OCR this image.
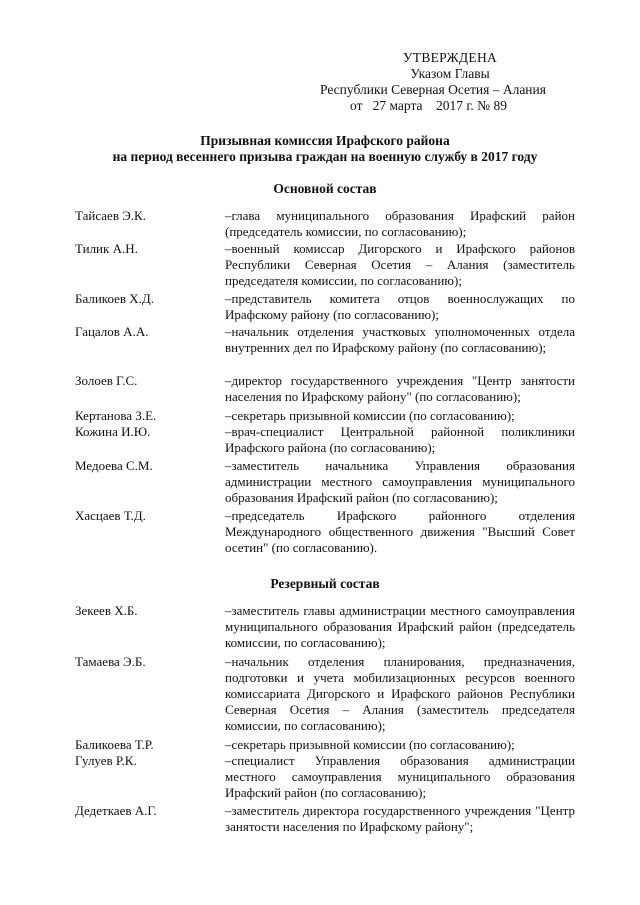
УТВЕРЖДЕНА
Указом Главы
Республики Северная Осетия – Алания
от   27 марта    2017 г. № 89
Призывная комиссия Ирафского района
на период весеннего призыва граждан на военную службу в 2017 году
Основной состав
Тайсаев Э.К.	–глава муниципального образования Ирафский район (председатель комиссии, по согласованию);
Тилик А.Н.	–военный комиссар Дигорского и Ирафского районов Республики Северная Осетия – Алания (заместитель председателя комиссии, по согласованию);
Баликоев Х.Д.	–представитель комитета отцов военнослужащих по Ирафскому району (по согласованию);
Гацалов А.А.	–начальник отделения участковых уполномоченных отдела внутренних дел по Ирафскому району (по согласованию);
Золоев Г.С.	–директор государственного учреждения "Центр занятости населения по Ирафскому району" (по согласованию);
Кертанова З.Е.	–секретарь призывной комиссии (по согласованию);
Кожина И.Ю.	–врач-специалист Центральной районной поликлиники Ирафского района (по согласованию);
Медоева С.М.	–заместитель начальника Управления образования администрации местного самоуправления муниципального образования Ирафский район (по согласованию);
Хасцаев Т.Д.	–председатель Ирафского районного отделения Международного общественного движения "Высший Совет осетин" (по согласованию).
Резервный состав
Зекеев Х.Б.	–заместитель главы администрации местного самоуправления муниципального образования Ирафский район (председатель комиссии, по согласованию);
Тамаева Э.Б.	–начальник отделения планирования, предназначения, подготовки и учета мобилизационных ресурсов военного комиссариата Дигорского и Ирафского районов Республики Северная Осетия – Алания (заместитель председателя комиссии, по согласованию);
Баликоева Т.Р.	–секретарь призывной комиссии (по согласованию);
Гулуев Р.К.	–специалист Управления образования администрации местного самоуправления муниципального образования Ирафский район (по согласованию);
Дедеткаев А.Г.	–заместитель директора государственного учреждения "Центр занятости населения по Ирафскому району";
